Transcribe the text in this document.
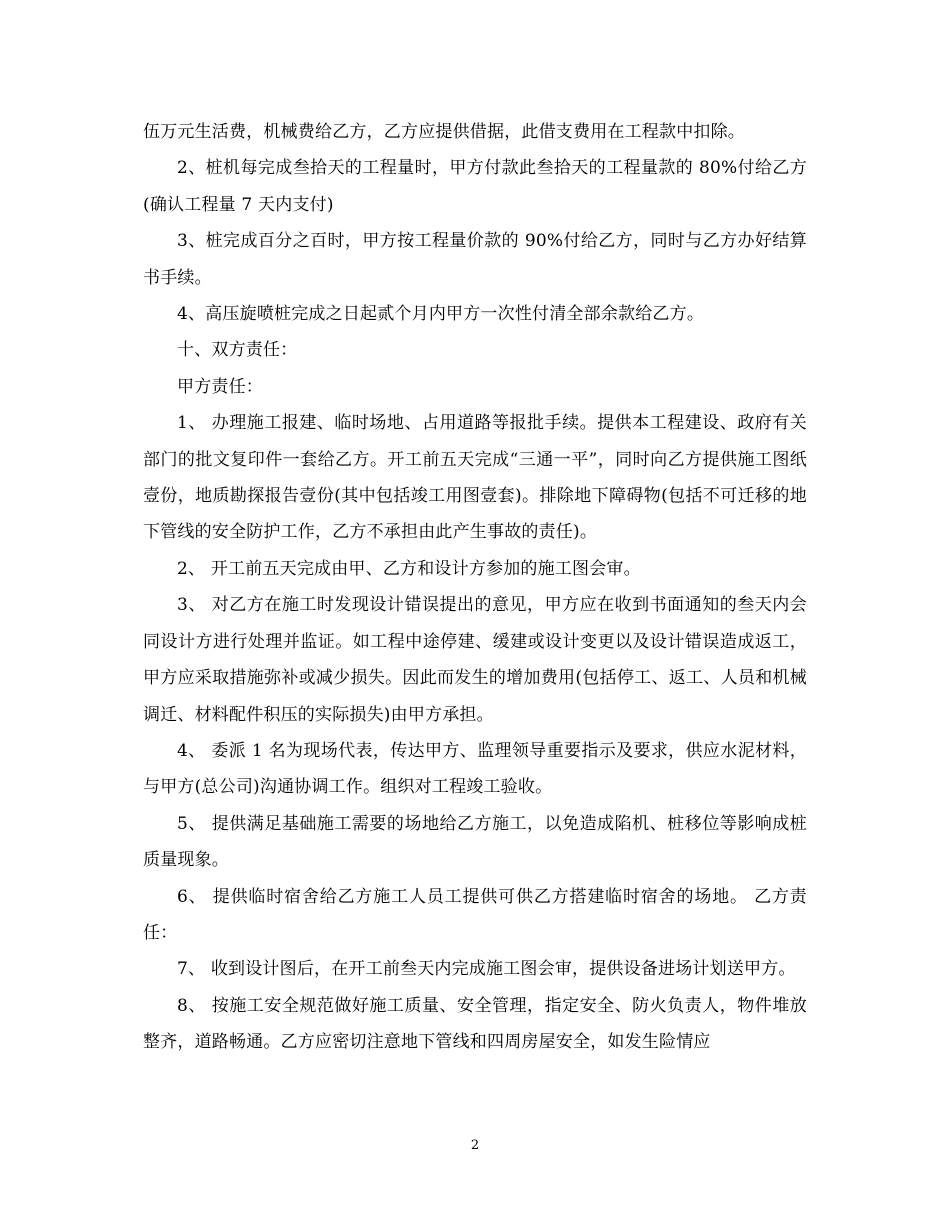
伍万元生活费，机械费给乙方，乙方应提供借据，此借支费用在工程款中扣除。

2、桩机每完成叁拾天的工程量时，甲方付款此叁拾天的工程量款的 80%付给乙方(确认工程量 7 天内支付)

3、桩完成百分之百时，甲方按工程量价款的 90%付给乙方，同时与乙方办好结算书手续。

4、高压旋喷桩完成之日起贰个月内甲方一次性付清全部余款给乙方。

十、双方责任：

甲方责任：

1、 办理施工报建、临时场地、占用道路等报批手续。提供本工程建设、政府有关部门的批文复印件一套给乙方。开工前五天完成“三通一平”，同时向乙方提供施工图纸壹份，地质勘探报告壹份(其中包括竣工用图壹套)。排除地下障碍物(包括不可迁移的地下管线的安全防护工作，乙方不承担由此产生事故的责任)。

2、 开工前五天完成由甲、乙方和设计方参加的施工图会审。

3、 对乙方在施工时发现设计错误提出的意见，甲方应在收到书面通知的叁天内会同设计方进行处理并监证。如工程中途停建、缓建或设计变更以及设计错误造成返工，甲方应采取措施弥补或减少损失。因此而发生的增加费用(包括停工、返工、人员和机械调迁、材料配件积压的实际损失)由甲方承担。

4、 委派 1 名为现场代表，传达甲方、监理领导重要指示及要求，供应水泥材料，与甲方(总公司)沟通协调工作。组织对工程竣工验收。

5、 提供满足基础施工需要的场地给乙方施工，以免造成陷机、桩移位等影响成桩质量现象。

6、 提供临时宿舍给乙方施工人员工提供可供乙方搭建临时宿舍的场地。 乙方责任：

7、 收到设计图后，在开工前叁天内完成施工图会审，提供设备进场计划送甲方。

8、 按施工安全规范做好施工质量、安全管理，指定安全、防火负责人，物件堆放整齐，道路畅通。乙方应密切注意地下管线和四周房屋安全，如发生险情应

2
